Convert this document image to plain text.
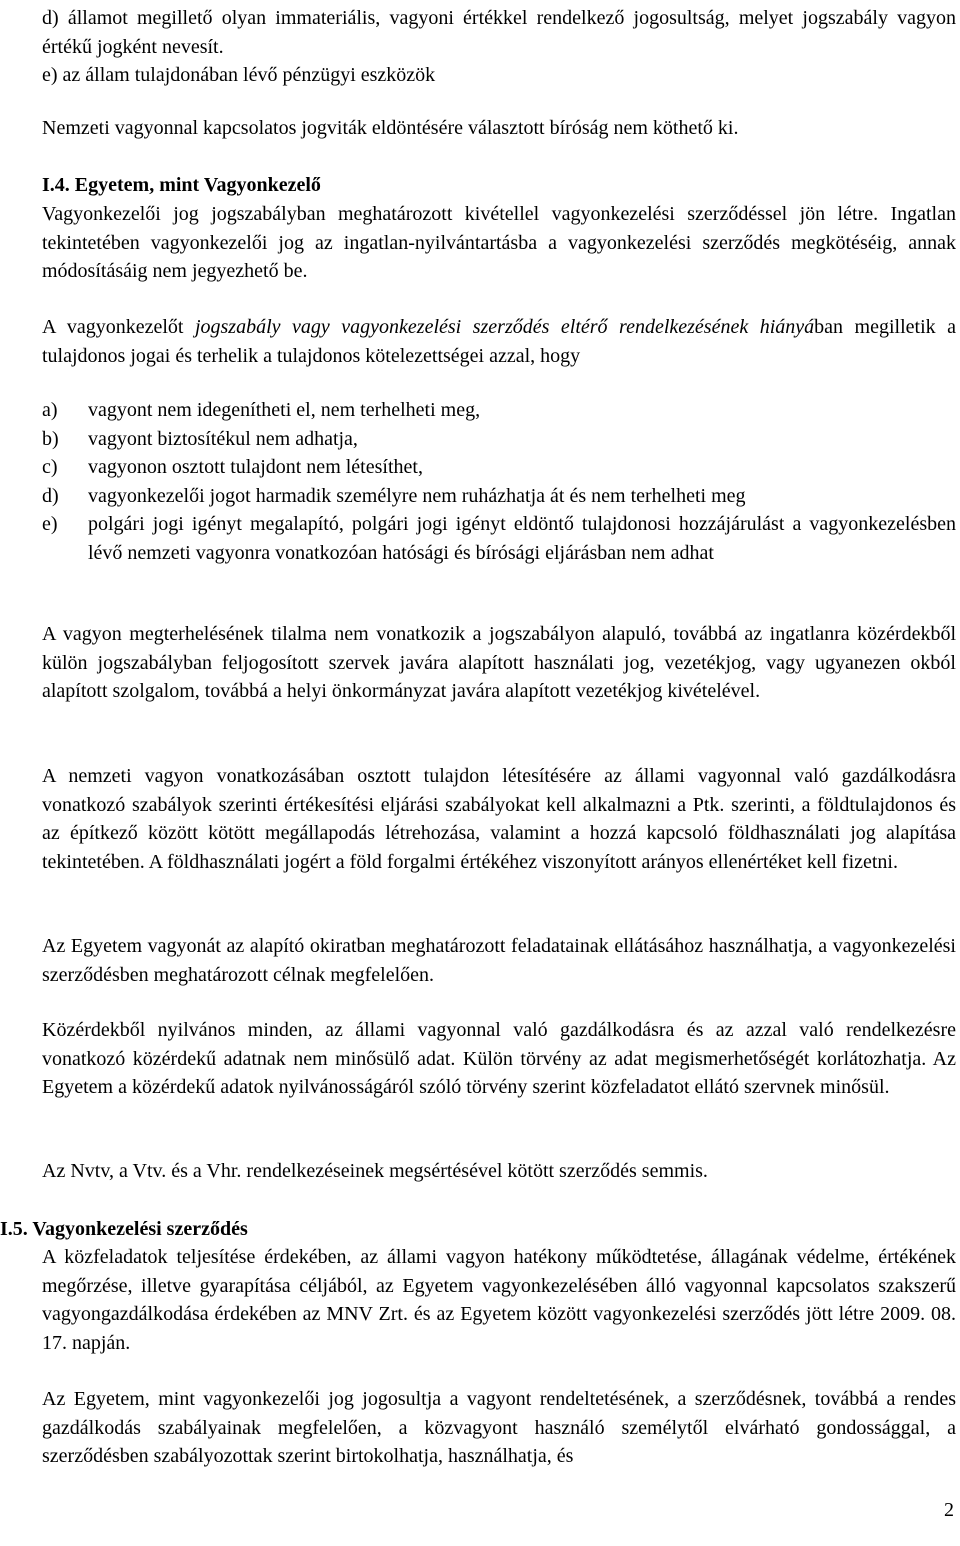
d) államot megillető olyan immateriális, vagyoni értékkel rendelkező jogosultság, melyet jogszabály vagyon értékű jogként nevesít.

e) az állam tulajdonában lévő pénzügyi eszközök

Nemzeti vagyonnal kapcsolatos jogviták eldöntésére választott bíróság nem köthető ki.

I.4. Egyetem, mint Vagyonkezelő

Vagyonkezelői jog jogszabályban meghatározott kivétellel vagyonkezelési szerződéssel jön létre. Ingatlan tekintetében vagyonkezelői jog az ingatlan-nyilvántartásba a vagyonkezelési szerződés megkötéséig, annak módosításáig nem jegyezhető be.

A vagyonkezelőt jogszabály vagy vagyonkezelési szerződés eltérő rendelkezésének hiányában megilletik a tulajdonos jogai és terhelik a tulajdonos kötelezettségei azzal, hogy

a) vagyont nem idegenítheti el, nem terhelheti meg,
b) vagyont biztosítékul nem adhatja,
c) vagyonon osztott tulajdont nem létesíthet,
d) vagyonkezelői jogot harmadik személyre nem ruházhatja át és nem terhelheti meg
e) polgári jogi igényt megalapító, polgári jogi igényt eldöntő tulajdonosi hozzájárulást a vagyonkezelésben lévő nemzeti vagyonra vonatkozóan hatósági és bírósági eljárásban nem adhat

A vagyon megterhelésének tilalma nem vonatkozik a jogszabályon alapuló, továbbá az ingatlanra közérdekből külön jogszabályban feljogosított szervek javára alapított használati jog, vezetékjog, vagy ugyanezen okból alapított szolgalom, továbbá a helyi önkormányzat javára alapított vezetékjog kivételével.

A nemzeti vagyon vonatkozásában osztott tulajdon létesítésére az állami vagyonnal való gazdálkodásra vonatkozó szabályok szerinti értékesítési eljárási szabályokat kell alkalmazni a Ptk. szerinti, a földtulajdonos és az építkező között kötött megállapodás létrehozása, valamint a hozzá kapcsoló földhasználati jog alapítása tekintetében. A földhasználati jogért a föld forgalmi értékéhez viszonyított arányos ellenértéket kell fizetni.

Az Egyetem vagyonát az alapító okiratban meghatározott feladatainak ellátásához használhatja, a vagyonkezelési szerződésben meghatározott célnak megfelelően.

Közérdekből nyilvános minden, az állami vagyonnal való gazdálkodásra és az azzal való rendelkezésre vonatkozó közérdekű adatnak nem minősülő adat. Külön törvény az adat megismerhetőségét korlátozhatja. Az Egyetem a közérdekű adatok nyilvánosságáról szóló törvény szerint közfeladatot ellátó szervnek minősül.

Az Nvtv, a Vtv. és a Vhr. rendelkezéseinek megsértésével kötött szerződés semmis.

I.5. Vagyonkezelési szerződés

A közfeladatok teljesítése érdekében, az állami vagyon hatékony működtetése, állagának védelme, értékének megőrzése, illetve gyarapítása céljából, az Egyetem vagyonkezelésében álló vagyonnal kapcsolatos szakszerű vagyongazdálkodása érdekében az MNV Zrt. és az Egyetem között vagyonkezelési szerződés jött létre 2009. 08. 17. napján.

Az Egyetem, mint vagyonkezelői jog jogosultja a vagyont rendeltetésének, a szerződésnek, továbbá a rendes gazdálkodás szabályainak megfelelően, a közvagyont használó személytől elvárható gondossággal, a szerződésben szabályozottak szerint birtokolhatja, használhatja, és

2
